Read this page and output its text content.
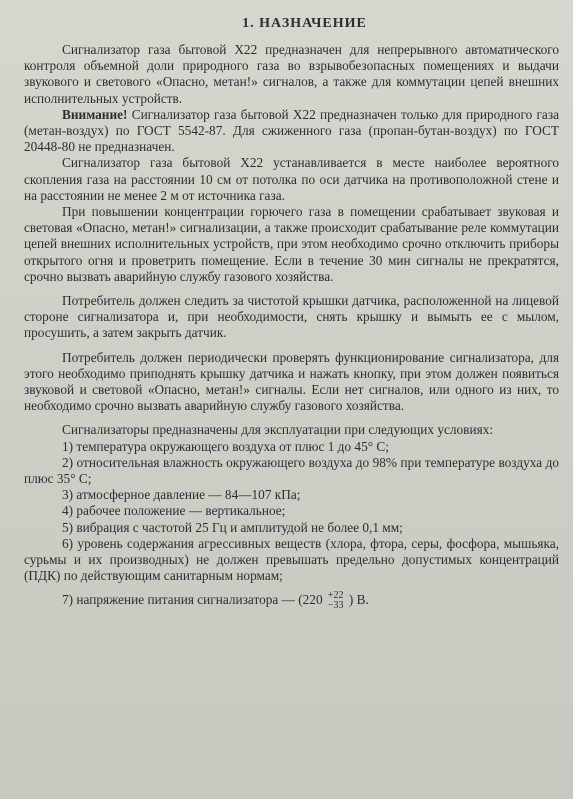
1. НАЗНАЧЕНИЕ

Сигнализатор газа бытовой X22 предназначен для непрерывного автоматического контроля объемной доли природного газа во взрывобезопасных помещениях и выдачи звукового и светового «Опасно, метан!» сигналов, а также для коммутации цепей внешних исполнительных устройств.

Внимание! Сигнализатор газа бытовой X22 предназначен только для природного газа (метан-воздух) по ГОСТ 5542-87. Для сжиженного газа (пропан-бутан-воздух) по ГОСТ 20448-80 не предназначен.

Сигнализатор газа бытовой X22 устанавливается в месте наиболее вероятного скопления газа на расстоянии 10 см от потолка по оси датчика на противоположной стене и на расстоянии не менее 2 м от источника газа.

При повышении концентрации горючего газа в помещении срабатывает звуковая и световая «Опасно, метан!» сигнализации, а также происходит срабатывание реле коммутации цепей внешних исполнительных устройств, при этом необходимо срочно отключить приборы открытого огня и проветрить помещение. Если в течение 30 мин сигналы не прекратятся, срочно вызвать аварийную службу газового хозяйства.

Потребитель должен следить за чистотой крышки датчика, расположенной на лицевой стороне сигнализатора и, при необходимости, снять крышку и вымыть ее с мылом, просушить, а затем закрыть датчик.

Потребитель должен периодически проверять функционирование сигнализатора, для этого необходимо приподнять крышку датчика и нажать кнопку, при этом должен появиться звуковой и световой «Опасно, метан!» сигналы. Если нет сигналов, или одного из них, то необходимо срочно вызвать аварийную службу газового хозяйства.

Сигнализаторы предназначены для эксплуатации при следующих условиях:

1) температура окружающего воздуха от плюс 1 до 45° С;

2) относительная влажность окружающего воздуха до 98% при температуре воздуха до плюс 35° С;

3) атмосферное давление — 84—107 кПа;

4) рабочее положение — вертикальное;

5) вибрация с частотой 25 Гц и амплитудой не более 0,1 мм;

6) уровень содержания агрессивных веществ (хлора, фтора, серы, фосфора, мышьяка, сурьмы и их производных) не должен превышать предельно допустимых концентраций (ПДК) по действующим санитарным нормам;

7) напряжение питания сигнализатора — (220 +22
−33 ) В.
